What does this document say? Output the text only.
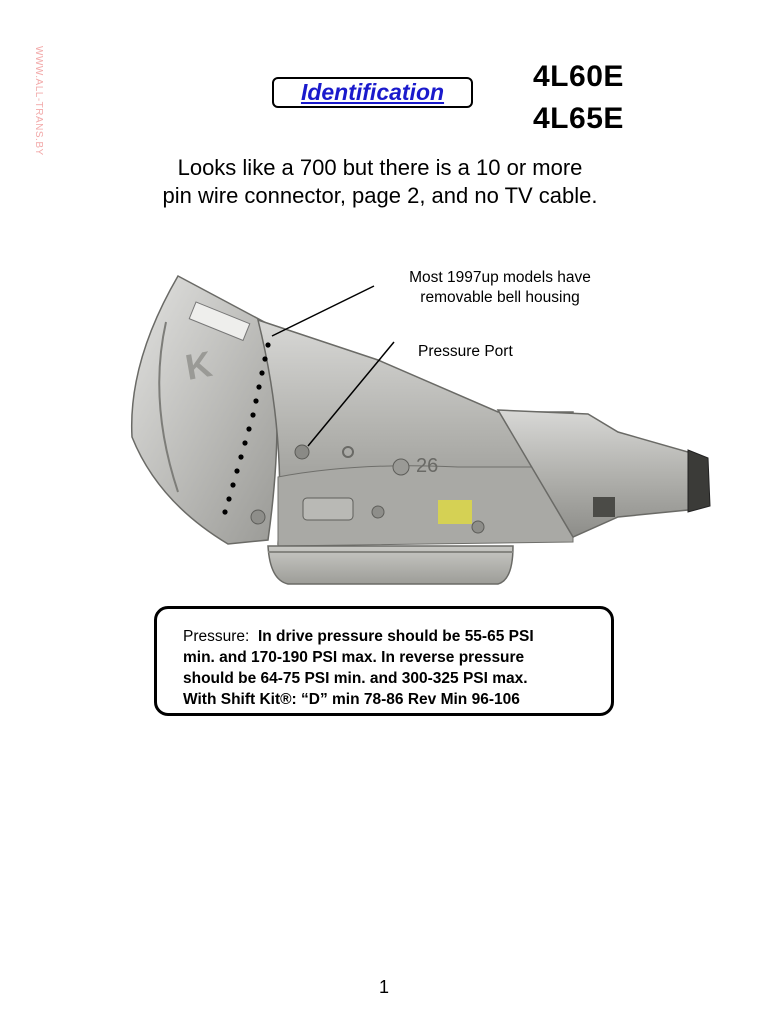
WWW.ALL-TRANS.BY	Identification	4L60E
4L65E
Looks like a 700 but there is a 10 or more
pin wire connector, page 2, and no TV cable.
K
26
Most 1997up models have
removable bell housing
Pressure Port
Pressure: In drive pressure should be 55-65 PSI
min. and 170-190 PSI max. In reverse pressure
should be 64-75 PSI min. and 300-325 PSI max.
With Shift Kit®: “D” min 78-86 Rev Min 96-106
1
